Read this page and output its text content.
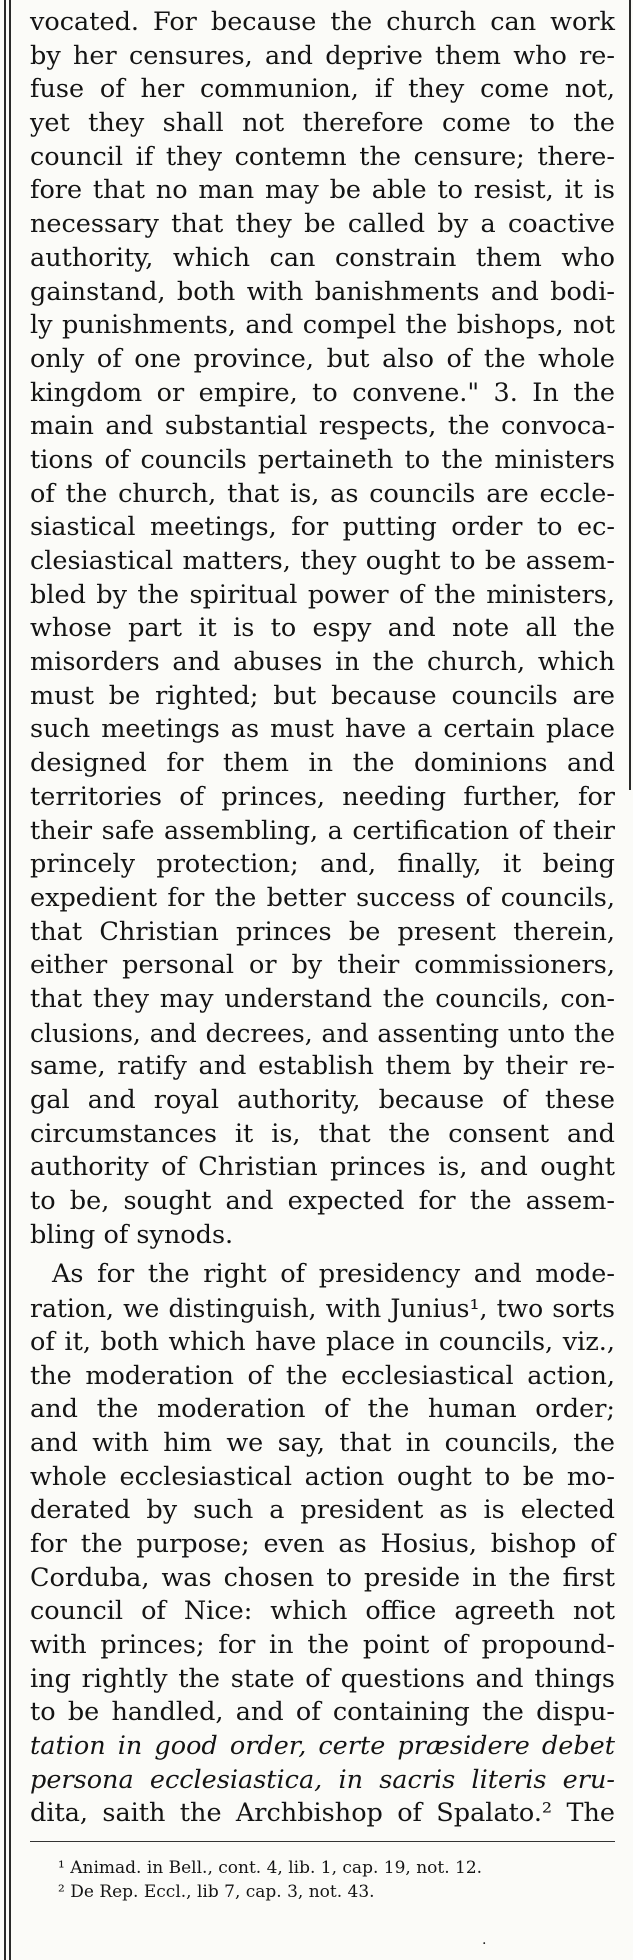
vocated. For because the church can work
by her censures, and deprive them who re-
fuse of her communion, if they come not,
yet they shall not therefore come to the
council if they contemn the censure; there-
fore that no man may be able to resist, it is
necessary that they be called by a coactive
authority, which can constrain them who
gainstand, both with banishments and bodi-
ly punishments, and compel the bishops, not
only of one province, but also of the whole
kingdom or empire, to convene." 3. In the
main and substantial respects, the convoca-
tions of councils pertaineth to the ministers
of the church, that is, as councils are eccle-
siastical meetings, for putting order to ec-
clesiastical matters, they ought to be assem-
bled by the spiritual power of the ministers,
whose part it is to espy and note all the
misorders and abuses in the church, which
must be righted; but because councils are
such meetings as must have a certain place
designed for them in the dominions and
territories of princes, needing further, for
their safe assembling, a certification of their
princely protection; and, finally, it being
expedient for the better success of councils,
that Christian princes be present therein,
either personal or by their commissioners,
that they may understand the councils, con-
clusions, and decrees, and assenting unto the
same, ratify and establish them by their re-
gal and royal authority, because of these
circumstances it is, that the consent and
authority of Christian princes is, and ought
to be, sought and expected for the assem-
bling of synods.
As for the right of presidency and mode-
ration, we distinguish, with Junius¹, two sorts
of it, both which have place in councils, viz.,
the moderation of the ecclesiastical action,
and the moderation of the human order;
and with him we say, that in councils, the
whole ecclesiastical action ought to be mo-
derated by such a president as is elected
for the purpose; even as Hosius, bishop of
Corduba, was chosen to preside in the first
council of Nice: which office agreeth not
with princes; for in the point of propound-
ing rightly the state of questions and things
to be handled, and of containing the dispu-
tation in good order, certe præsidere debet
persona ecclesiastica, in sacris literis eru-
dita, saith the Archbishop of Spalato.² The
¹ Animad. in Bell., cont. 4, lib. 1, cap. 19, not. 12.
² De Rep. Eccl., lib 7, cap. 3, not. 43.
.
